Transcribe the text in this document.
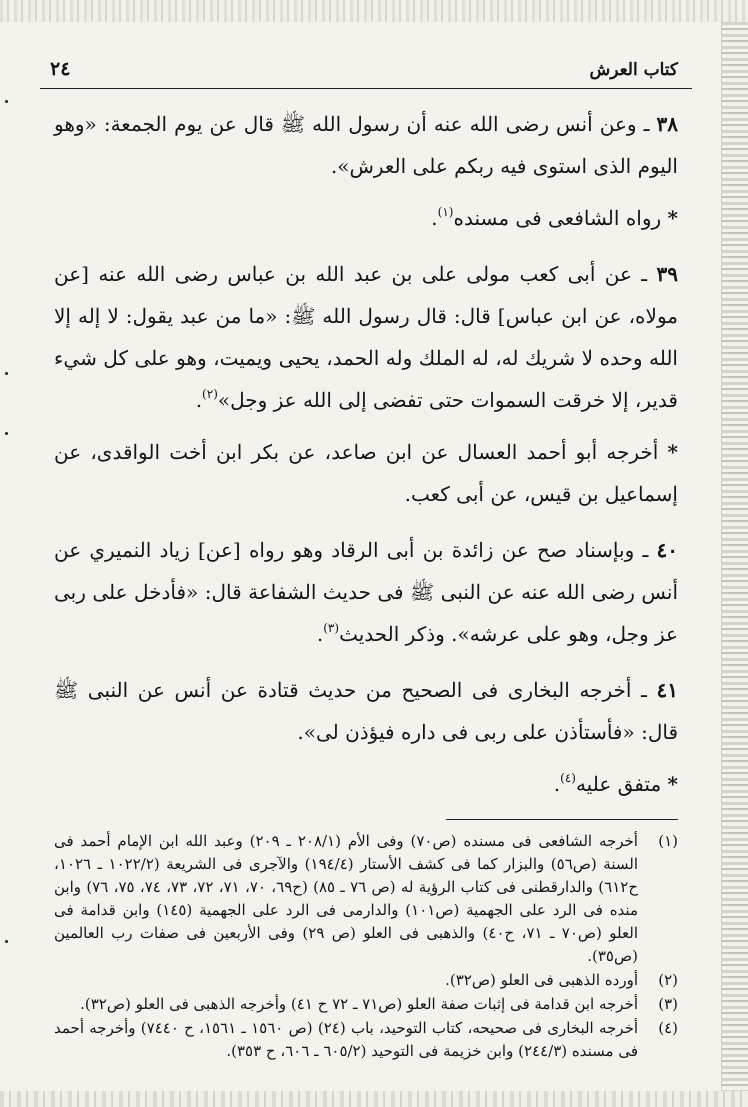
كتاب العرش
٢٤

٣٨ ـ وعن أنس رضى الله عنه أن رسول الله ﷺ قال عن يوم الجمعة: «وهو اليوم الذى استوى فيه ربكم على العرش».

* رواه الشافعى فى مسنده$^{(١)}$.

٣٩ ـ عن أبى كعب مولى على بن عبد الله بن عباس رضى الله عنه [عن مولاه، عن ابن عباس] قال: قال رسول الله ﷺ: «ما من عبد يقول: لا إله إلا الله وحده لا شريك له، له الملك وله الحمد، يحيى ويميت، وهو على كل شيء قدير، إلا خرقت السموات حتى تفضى إلى الله عز وجل»$^{(٢)}$.

* أخرجه أبو أحمد العسال عن ابن صاعد، عن بكر ابن أخت الواقدى، عن إسماعيل بن قيس، عن أبى كعب.

٤٠ ـ وبإسناد صح عن زائدة بن أبى الرقاد وهو رواه [عن] زياد النميري عن أنس رضى الله عنه عن النبى ﷺ فى حديث الشفاعة قال: «فأدخل على ربى عز وجل، وهو على عرشه». وذكر الحديث$^{(٣)}$.

٤١ ـ أخرجه البخارى فى الصحيح من حديث قتادة عن أنس عن النبى ﷺ قال: «فأستأذن على ربى فى داره فيؤذن لى».

* متفق عليه$^{(٤)}$.

(١)
أخرجه الشافعى فى مسنده (ص٧٠) وفى الأم (٢٠٨/١ ـ ٢٠٩) وعبد الله ابن الإمام أحمد فى السنة (ص٥٦) والبزار كما فى كشف الأستار (١٩٤/٤) والآجرى فى الشريعة (١٠٢٢/٢ ـ ١٠٢٦، ح٦١٢) والدارقطنى فى كتاب الرؤية له (ص ٧٦ ـ ٨٥) (ح٦٩، ٧٠، ٧١، ٧٢، ٧٣، ٧٤، ٧٥، ٧٦) وابن منده فى الرد على الجهمية (ص١٠١) والدارمى فى الرد على الجهمية (١٤٥) وابن قدامة فى العلو (ص٧٠ ـ ٧١، ح٤٠) والذهبى فى العلو (ص ٢٩) وفى الأربعين فى صفات رب العالمين (ص٣٥).
(٢)
أورده الذهبى فى العلو (ص٣٢).
(٣)
أخرجه ابن قدامة فى إثبات صفة العلو (ص٧١ ـ ٧٢ ح ٤١) وأخرجه الذهبى فى العلو (ص٣٢).
(٤)
أخرجه البخارى فى صحيحه، كتاب التوحيد، باب (٢٤) (ص ١٥٦٠ ـ ١٥٦١، ح ٧٤٤٠) وأخرجه أحمد فى مسنده (٢٤٤/٣) وابن خزيمة فى التوحيد (٦٠٥/٢ ـ ٦٠٦، ح ٣٥٣).
